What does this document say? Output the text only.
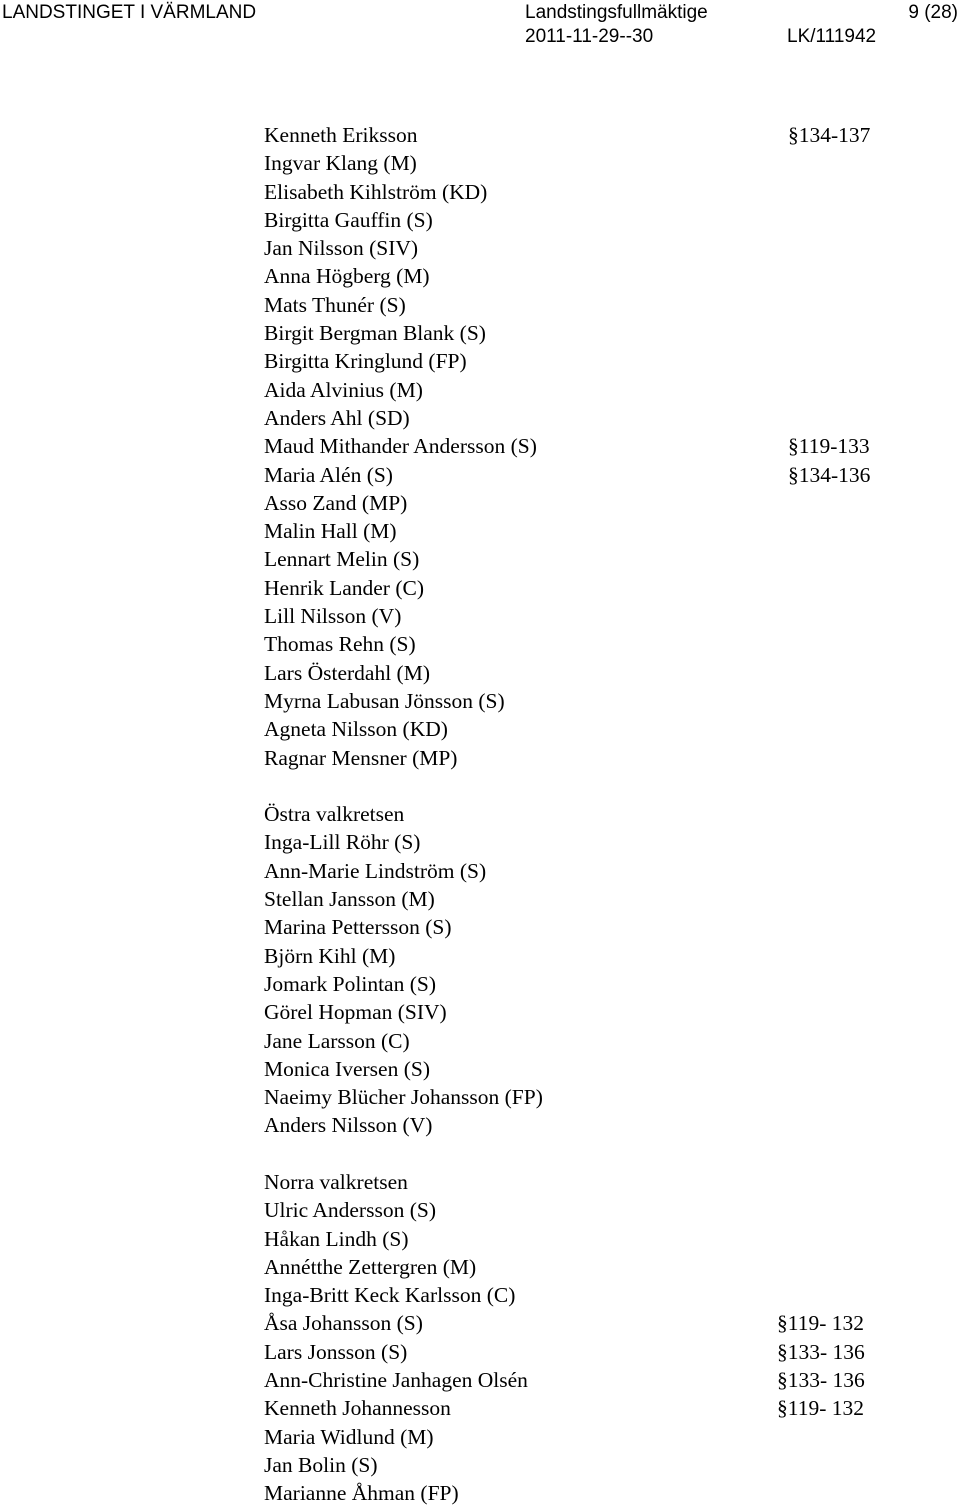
LANDSTINGET I VÄRMLAND	Landstingsfullmäktige	9 (28)
2011-11-29--30	LK/111942
Kenneth Eriksson	§134-137
Ingvar Klang (M)
Elisabeth Kihlström (KD)
Birgitta Gauffin (S)
Jan Nilsson (SIV)
Anna Högberg (M)
Mats Thunér (S)
Birgit Bergman Blank (S)
Birgitta Kringlund (FP)
Aida Alvinius (M)
Anders Ahl (SD)
Maud Mithander Andersson (S)	§119-133
Maria Alén (S)	§134-136
Asso Zand (MP)
Malin Hall (M)
Lennart Melin (S)
Henrik Lander (C)
Lill Nilsson (V)
Thomas Rehn (S)
Lars Österdahl (M)
Myrna Labusan Jönsson (S)
Agneta Nilsson (KD)
Ragnar Mensner (MP)
Östra valkretsen
Inga-Lill Röhr (S)
Ann-Marie Lindström (S)
Stellan Jansson (M)
Marina Pettersson (S)
Björn Kihl (M)
Jomark Polintan (S)
Görel Hopman (SIV)
Jane Larsson (C)
Monica Iversen (S)
Naeimy Blücher Johansson (FP)
Anders Nilsson (V)
Norra valkretsen
Ulric Andersson (S)
Håkan Lindh (S)
Annétthe Zettergren (M)
Inga-Britt Keck Karlsson (C)
Åsa Johansson (S)	§119- 132
Lars Jonsson (S)	§133- 136
Ann-Christine Janhagen Olsén	§133- 136
Kenneth Johannesson	§119- 132
Maria Widlund (M)
Jan Bolin (S)
Marianne Åhman (FP)
